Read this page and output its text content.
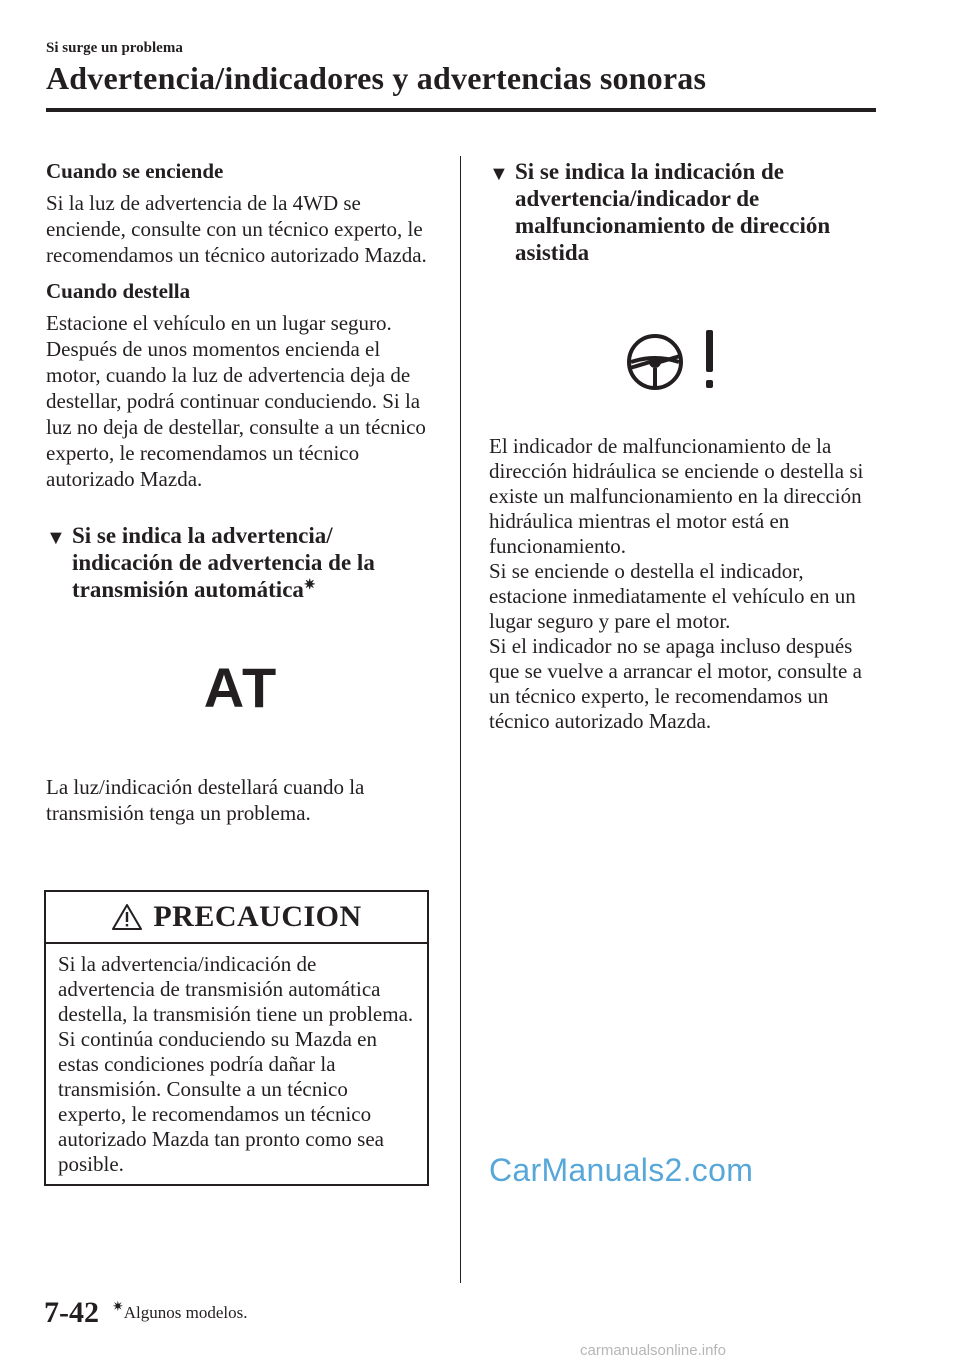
Si surge un problema
Advertencia/indicadores y advertencias sonoras

Cuando se enciende

Si la luz de advertencia de la 4WD se enciende, consulte con un técnico experto, le recomendamos un técnico autorizado Mazda.

Cuando destella

Estacione el vehículo en un lugar seguro. Después de unos momentos encienda el motor, cuando la luz de advertencia deja de destellar, podrá continuar conduciendo. Si la luz no deja de destellar, consulte a un técnico experto, le recomendamos un técnico autorizado Mazda.

▼ Si se indica la advertencia/ indicación de advertencia de la transmisión automática✷
AT

La luz/indicación destellará cuando la transmisión tenga un problema.

PRECAUCION
Si la advertencia/indicación de advertencia de transmisión automática destella, la transmisión tiene un problema. Si continúa conduciendo su Mazda en estas condiciones podría dañar la transmisión. Consulte a un técnico experto, le recomendamos un técnico autorizado Mazda tan pronto como sea posible.
▼ Si se indica la indicación de advertencia/indicador de malfuncionamiento de dirección asistida

El indicador de malfuncionamiento de la dirección hidráulica se enciende o destella si existe un malfuncionamiento en la dirección hidráulica mientras el motor está en funcionamiento.

Si se enciende o destella el indicador, estacione inmediatamente el vehículo en un lugar seguro y pare el motor.

Si el indicador no se apaga incluso después que se vuelve a arrancar el motor, consulte a un técnico experto, le recomendamos un técnico autorizado Mazda.

CarManuals2.com
7-42 ✷Algunos modelos.
carmanualsonline.info
